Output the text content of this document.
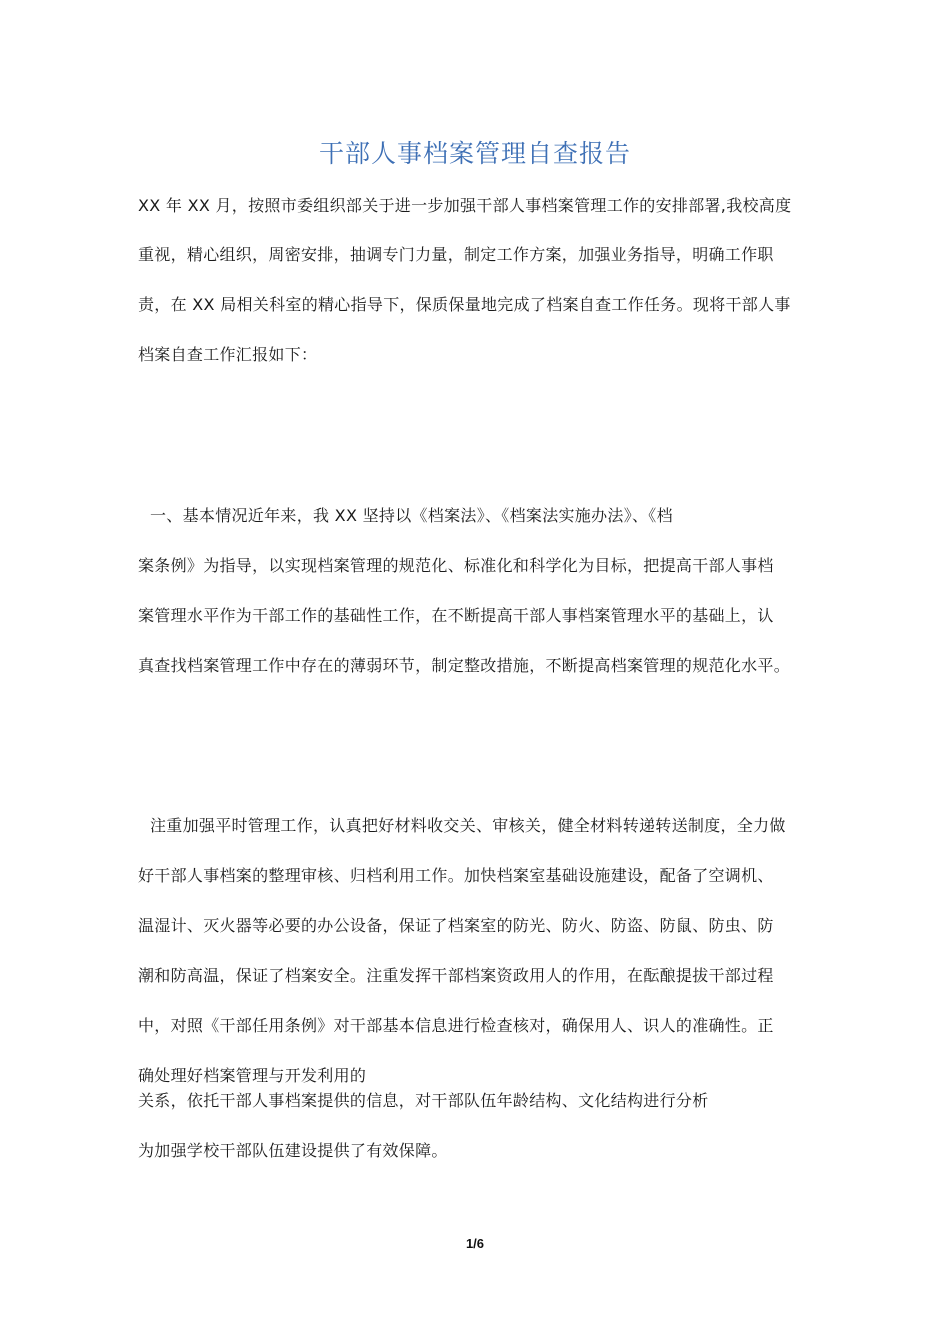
干部人事档案管理自查报告
XX 年 XX 月，按照市委组织部关于进一步加强干部人事档案管理工作的安排部署,我校高度
重视，精心组织，周密安排，抽调专门力量，制定工作方案，加强业务指导，明确工作职
责，在 XX 局相关科室的精心指导下，保质保量地完成了档案自查工作任务。现将干部人事
档案自查工作汇报如下：
一、基本情况近年来，我 XX 坚持以《档案法》、《档案法实施办法》、《档
案条例》为指导，以实现档案管理的规范化、标准化和科学化为目标，把提高干部人事档
案管理水平作为干部工作的基础性工作，在不断提高干部人事档案管理水平的基础上，认
真查找档案管理工作中存在的薄弱环节，制定整改措施，不断提高档案管理的规范化水平。
注重加强平时管理工作，认真把好材料收交关、审核关，健全材料转递转送制度，全力做
好干部人事档案的整理审核、归档利用工作。加快档案室基础设施建设，配备了空调机、
温湿计、灭火器等必要的办公设备，保证了档案室的防光、防火、防盗、防鼠、防虫、防
潮和防高温，保证了档案安全。注重发挥干部档案资政用人的作用，在酝酿提拔干部过程
中，对照《干部任用条例》对干部基本信息进行检查核对，确保用人、识人的准确性。正
确处理好档案管理与开发利用的
关系，依托干部人事档案提供的信息，对干部队伍年龄结构、文化结构进行分析
为加强学校干部队伍建设提供了有效保障。
1/6
